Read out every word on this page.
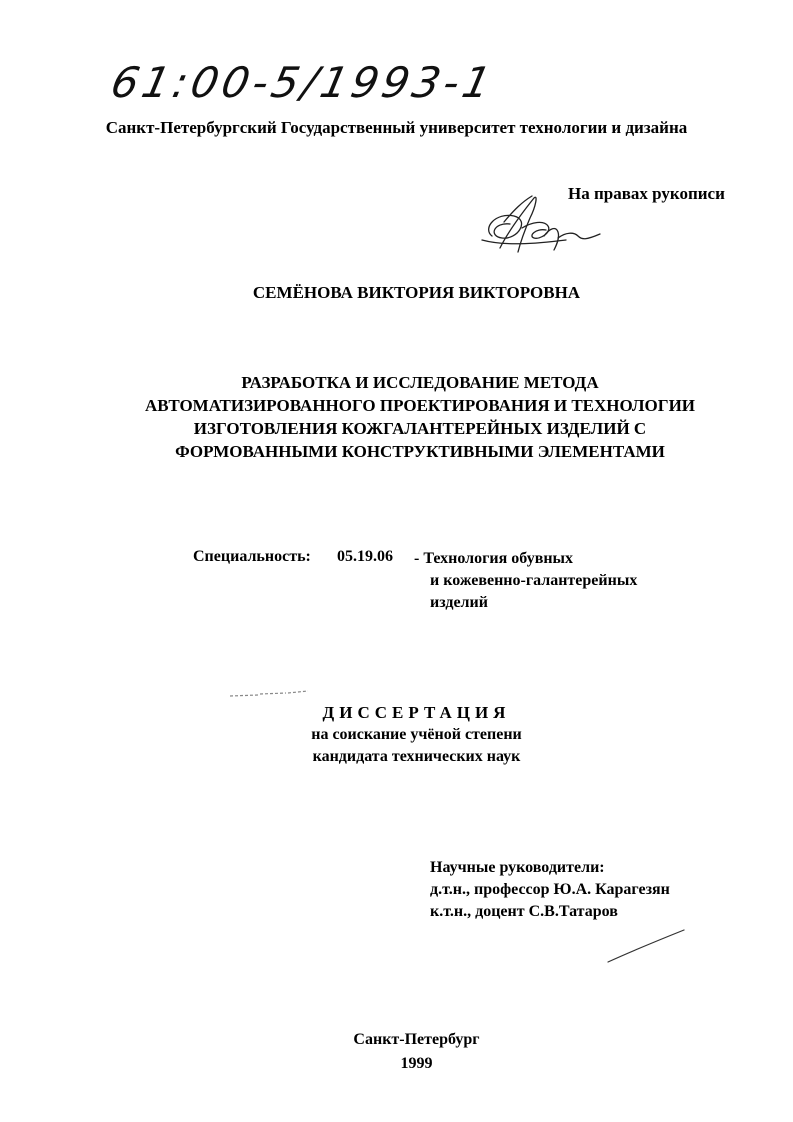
61:00-5/1993-1
Санкт-Петербургский Государственный университет технологии и дизайна
На правах рукописи
СЕМЁНОВА ВИКТОРИЯ ВИКТОРОВНА
РАЗРАБОТКА И ИССЛЕДОВАНИЕ МЕТОДА
АВТОМАТИЗИРОВАННОГО ПРОЕКТИРОВАНИЯ И ТЕХНОЛОГИИ
ИЗГОТОВЛЕНИЯ КОЖГАЛАНТЕРЕЙНЫХ ИЗДЕЛИЙ С
ФОРМОВАННЫМИ КОНСТРУКТИВНЫМИ ЭЛЕМЕНТАМИ
Специальность: 05.19.06 - Технология обувных
и кожевенно-галантерейных
изделий
ДИССЕРТАЦИЯ
на соискание учёной степени
кандидата технических наук
Научные руководители:
д.т.н., профессор Ю.А. Карагезян
к.т.н., доцент С.В.Татаров
Санкт-Петербург
1999
